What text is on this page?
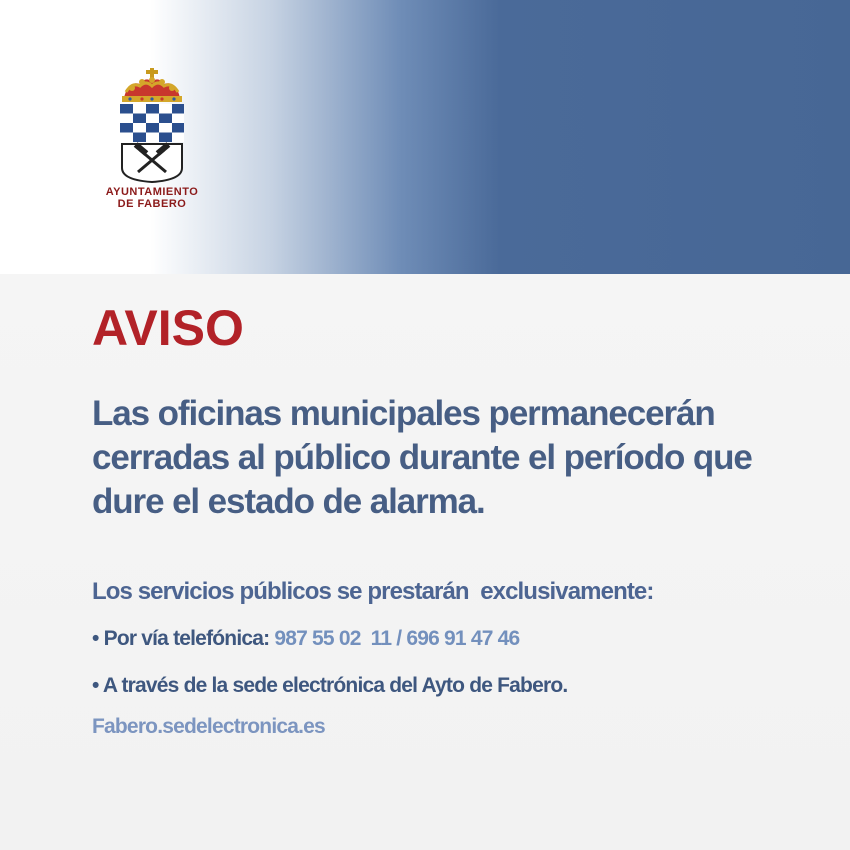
AYUNTAMIENTO
DE FABERO
AVISO

Las oficinas municipales permanecerán cerradas al público durante el período que dure el estado de alarma.

Los servicios públicos se prestarán  exclusivamente:
• Por vía telefónica: 987 55 02  11 / 696 91 47 46
• A través de la sede electrónica del Ayto de Fabero.
Fabero.sedelectronica.es
